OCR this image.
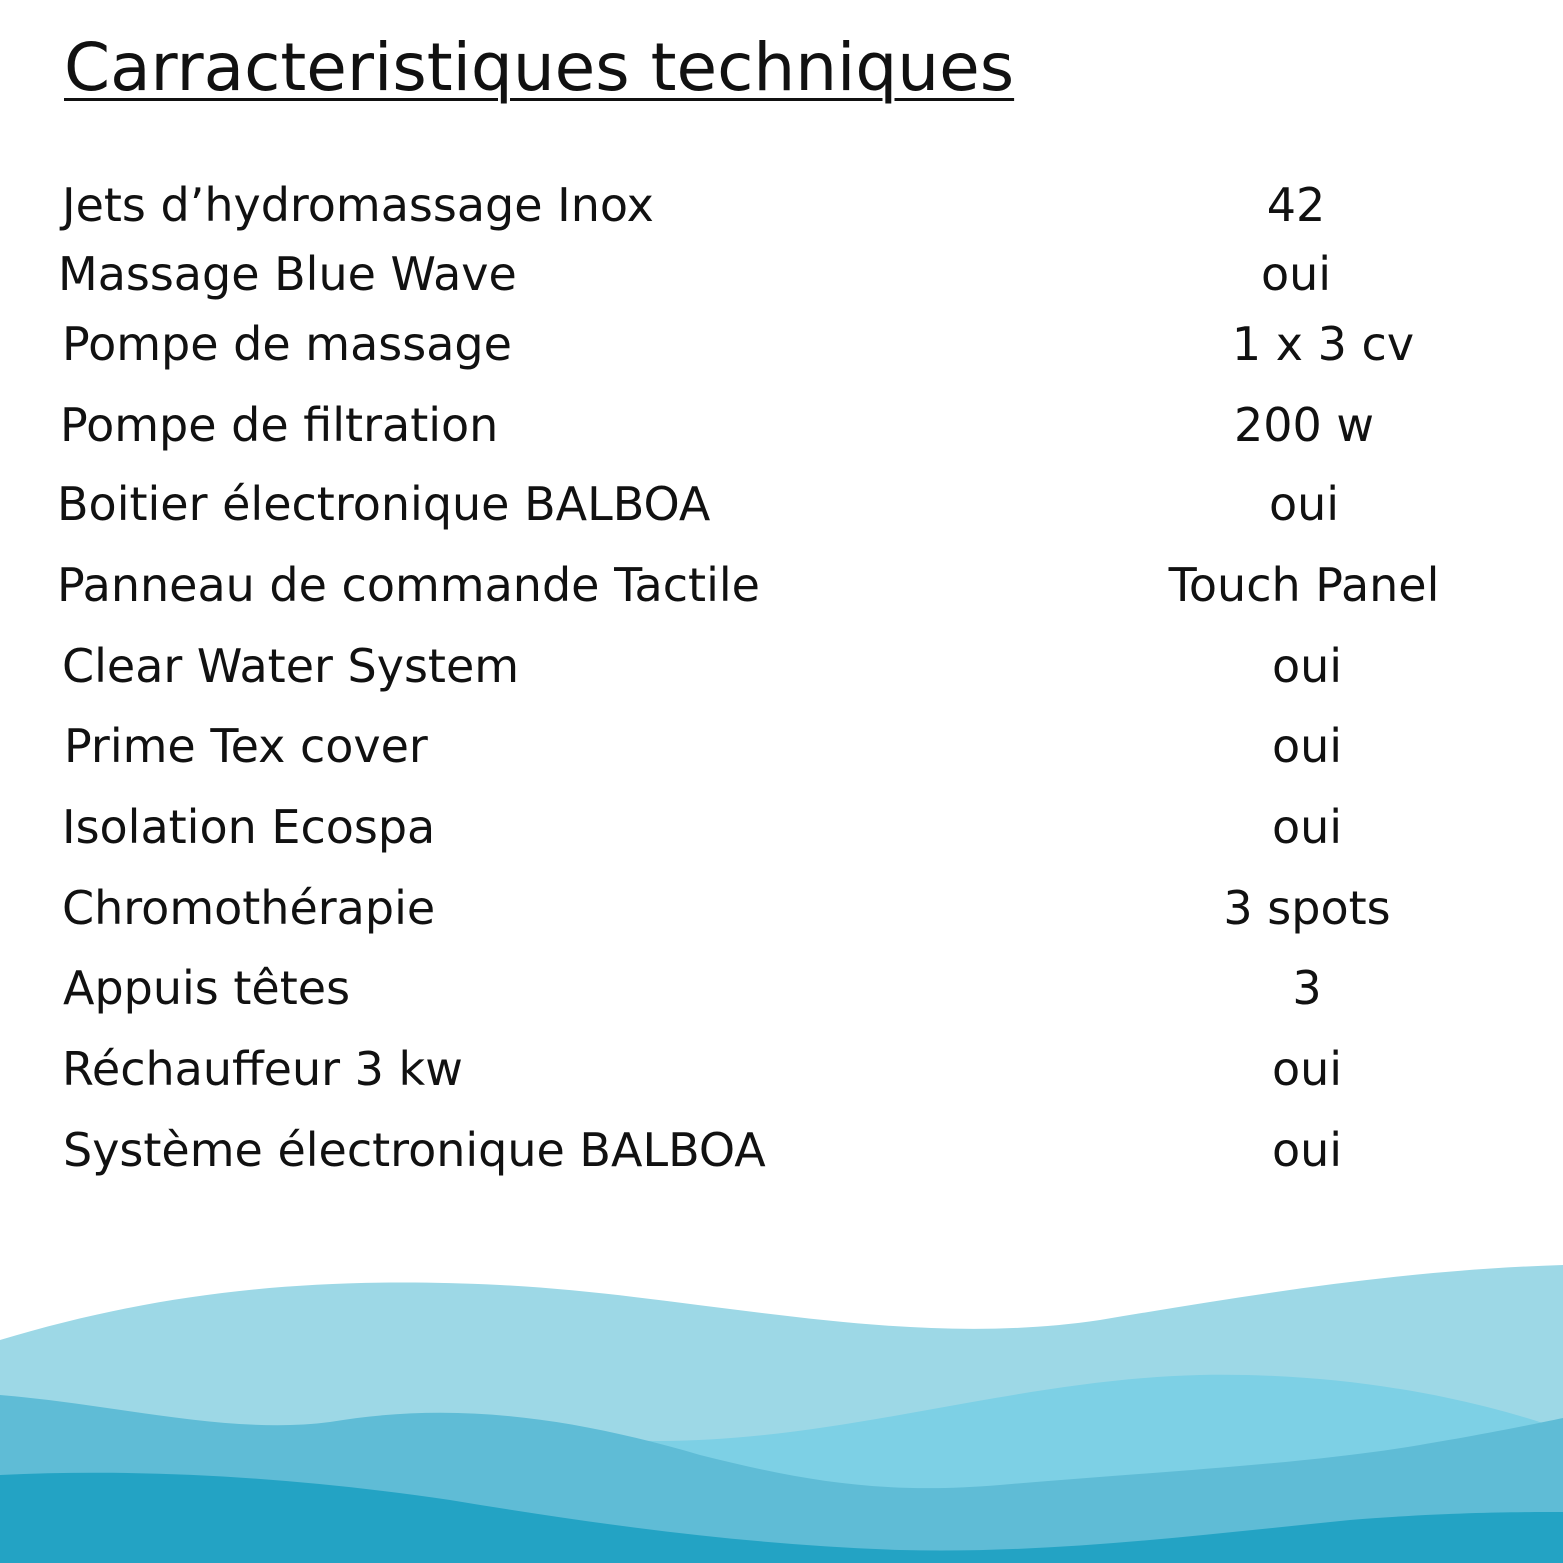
Carracteristiques techniques
Jets d’hydromassage Inox	42
Massage Blue Wave	oui
Pompe de massage	1 x 3 cv
Pompe de filtration	200 w
Boitier électronique BALBOA	oui
Panneau de commande Tactile	Touch Panel
Clear Water System	oui
Prime Tex cover	oui
Isolation Ecospa	oui
Chromothérapie	3 spots
Appuis têtes	3
Réchauffeur 3 kw	oui
Système électronique BALBOA	oui
